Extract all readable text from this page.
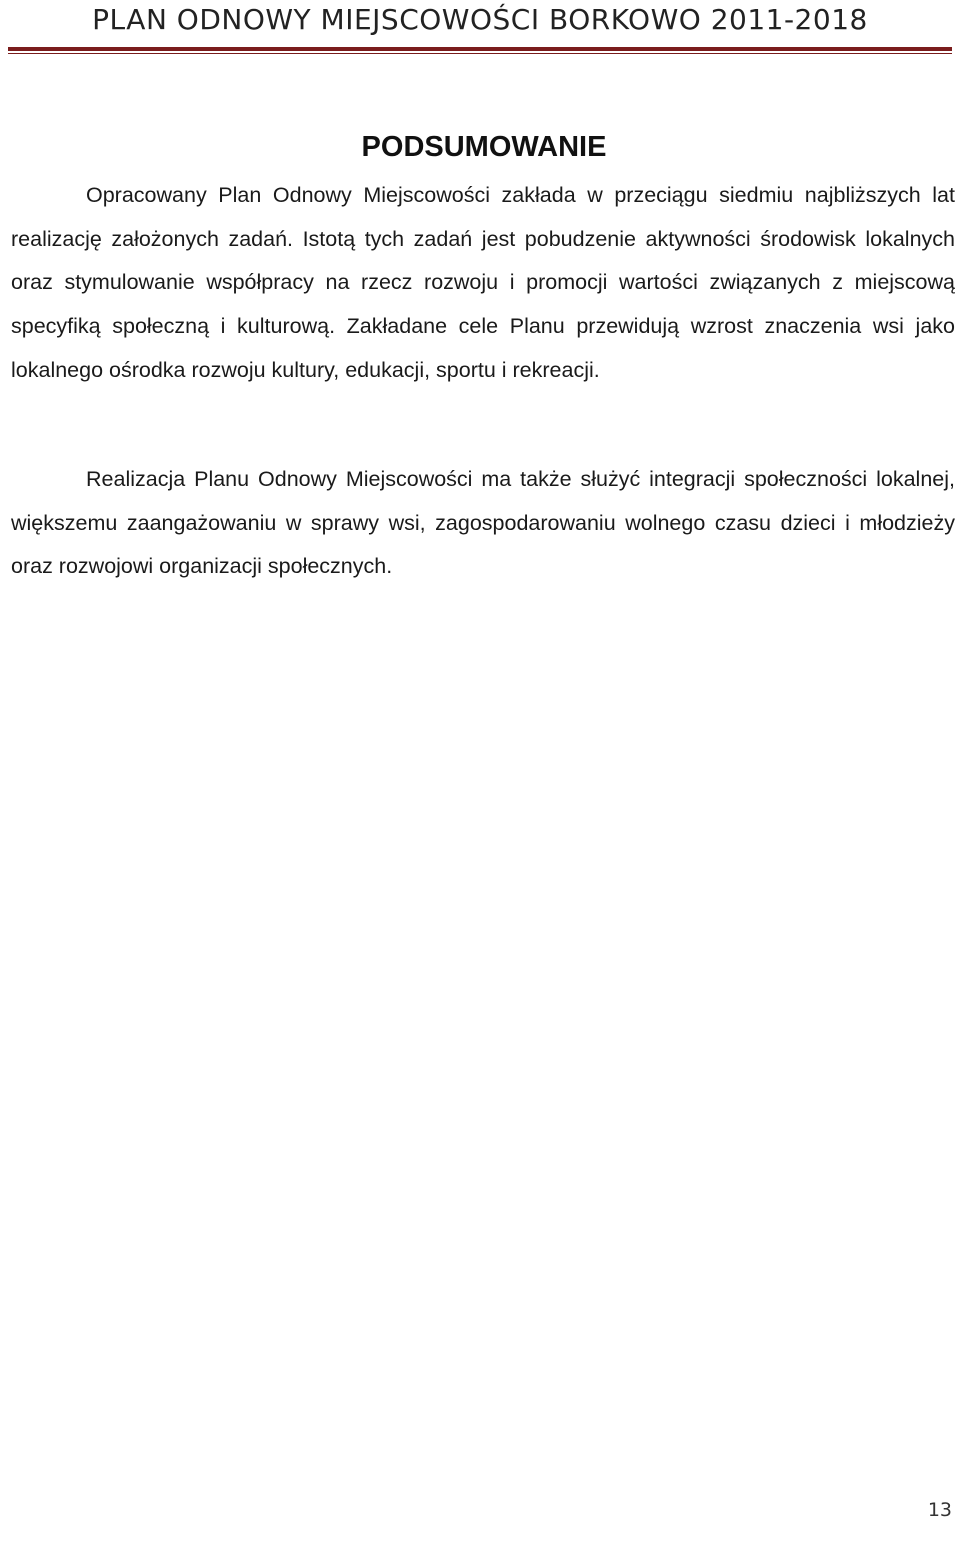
PLAN ODNOWY MIEJSCOWOŚCI BORKOWO 2011-2018
PODSUMOWANIE

Opracowany Plan Odnowy Miejscowości zakłada w przeciągu siedmiu najbliższych lat realizację założonych zadań. Istotą tych zadań jest pobudzenie aktywności środowisk lokalnych oraz stymulowanie współpracy na rzecz rozwoju i promocji wartości związanych z miejscową specyfiką społeczną i kulturową. Zakładane cele Planu przewidują wzrost znaczenia wsi jako lokalnego ośrodka rozwoju kultury, edukacji, sportu i rekreacji.

Realizacja Planu Odnowy Miejscowości ma także służyć integracji społeczności lokalnej, większemu zaangażowaniu w sprawy wsi, zagospodarowaniu wolnego czasu dzieci i młodzieży oraz rozwojowi organizacji społecznych.

13
